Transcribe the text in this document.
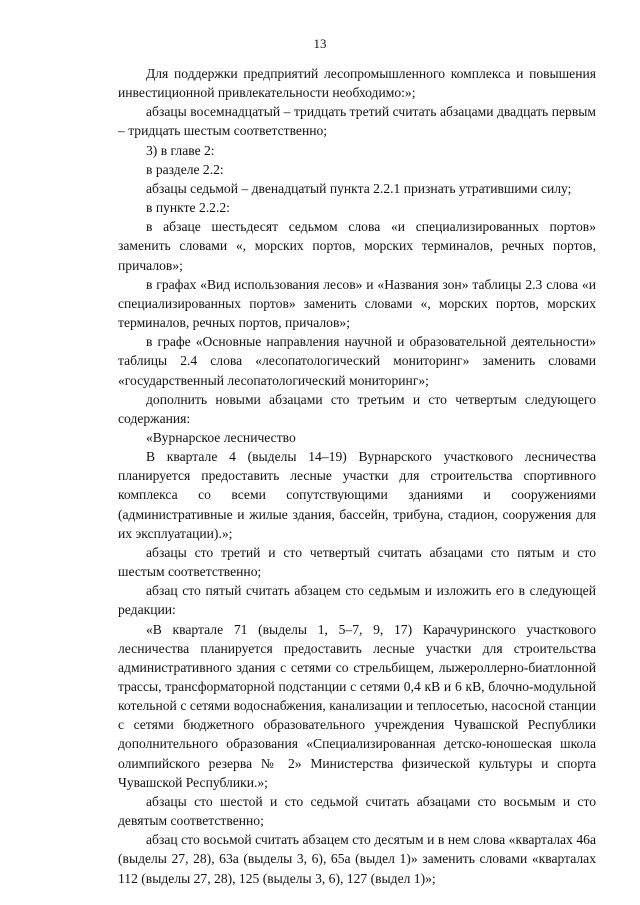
13

Для поддержки предприятий лесопромышленного комплекса и повышения инвестиционной привлекательности необходимо:»;

абзацы восемнадцатый – тридцать третий считать абзацами двадцать первым – тридцать шестым соответственно;

3) в главе 2:

в разделе 2.2:

абзацы седьмой – двенадцатый пункта 2.2.1 признать утратившими силу;

в пункте 2.2.2:

в абзаце шестьдесят седьмом слова «и специализированных портов» заменить словами «, морских портов, морских терминалов, речных портов, причалов»;

в графах «Вид использования лесов» и «Названия зон» таблицы 2.3 слова «и специализированных портов» заменить словами «, морских портов, морских терминалов, речных портов, причалов»;

в графе «Основные направления научной и образовательной деятельности» таблицы 2.4 слова «лесопатологический мониторинг» заменить словами «государственный лесопатологический мониторинг»;

дополнить новыми абзацами сто третьим и сто четвертым следующего содержания:

«Вурнарское лесничество

В квартале 4 (выделы 14–19) Вурнарского участкового лесничества планируется предоставить лесные участки для строительства спортивного комплекса со всеми сопутствующими зданиями и сооружениями (административные и жилые здания, бассейн, трибуна, стадион, сооружения для их эксплуатации).»;

абзацы сто третий и сто четвертый считать абзацами сто пятым и сто шестым соответственно;

абзац сто пятый считать абзацем сто седьмым и изложить его в следующей редакции:

«В квартале 71 (выделы 1, 5–7, 9, 17) Карачуринского участкового лесничества планируется предоставить лесные участки для строительства административного здания с сетями со стрельбищем, лыжероллерно-биатлонной трассы, трансформаторной подстанции с сетями 0,4 кВ и 6 кВ, блочно-модульной котельной с сетями водоснабжения, канализации и теплосетью, насосной станции с сетями бюджетного образовательного учреждения Чувашской Республики дополнительного образования «Специализированная детско-юношеская школа олимпийского резерва № 2» Министерства физической культуры и спорта Чувашской Республики.»;

абзацы сто шестой и сто седьмой считать абзацами сто восьмым и сто девятым соответственно;

абзац сто восьмой считать абзацем сто десятым и в нем слова «кварталах 46а (выделы 27, 28), 63а (выделы 3, 6), 65а (выдел 1)» заменить словами «кварталах 112 (выделы 27, 28), 125 (выделы 3, 6), 127 (выдел 1)»;
